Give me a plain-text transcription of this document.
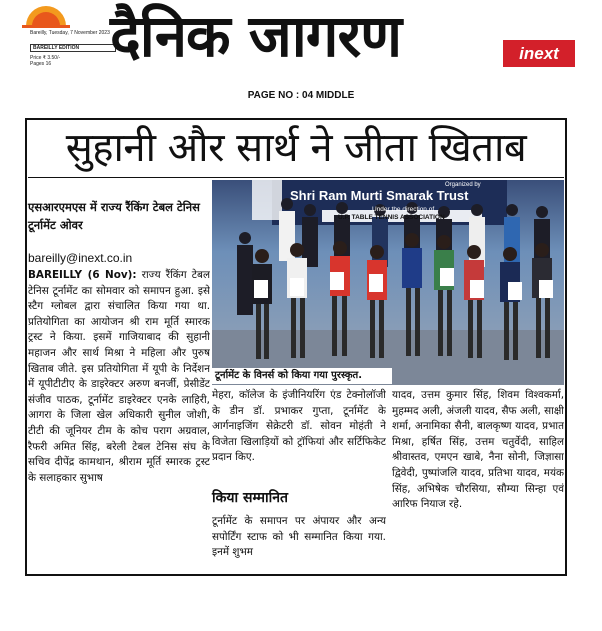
Bareilly, Tuesday, 7 November 2023
BAREILLY EDITION
Price ₹ 3.50/-
Pages 16	दैनिक जागरण	inext
PAGE NO : 04 MIDDLE
सुहानी और सार्थ ने जीता खिताब
एसआरएमएस में राज्य रैंकिंग टेबल टेनिस टूर्नामेंट ओवर
bareilly@inext.co.in
BAREILLY (6 Nov): राज्य रैंकिंग टेबल टेनिस टूर्नामेंट का सोमवार को समापन हुआ. इसे स्टैग ग्लोबल द्वारा संचालित किया गया था. प्रतियोगिता का आयोजन श्री राम मूर्ति स्मारक ट्रस्ट ने किया. इसमें गाजियाबाद की सुहानी महाजन और सार्थ मिश्रा ने महिला और पुरुष खिताब जीते. इस प्रतियोगिता में यूपी के निर्देशन में यूपीटीटीए के डाइरेक्टर अरुण बनर्जी, प्रेसीडेंट संजीव पाठक, टूर्नामेंट डाइरेक्टर एनके लाहिरी, आगरा के जिला खेल अधिकारी सुनील जोशी, टीटी की जूनियर टीम के कोच पराग अग्रवाल, रैफरी अमित सिंह, बरेली टेबल टेनिस संघ के सचिव दीपेंद्र कामथान, श्रीराम मूर्ति स्मारक ट्रस्ट के सलाहकार सुभाष
Organized by
Shri Ram Murti Smarak Trust
Under the direction of
U.P. TABLE TENNIS ASSOCIATION
टूर्नामेंट के विनर्स को किया गया पुरस्कृत.
मेहरा, कॉलेज के इंजीनियरिंग एंड टेक्नोलॉजी के डीन डॉ. प्रभाकर गुप्ता, टूर्नामेंट के आर्गनाइजिंग सेक्रेटरी डॉ. सोवन मोहंती ने विजेता खिलाड़ियों को ट्रॉफियां और सर्टिफिकेट प्रदान किए.
किया सम्मानित
टूर्नामेंट के समापन पर अंपायर और अन्य सपोर्टिंग स्टाफ को भी सम्मानित किया गया. इनमें शुभम
यादव, उत्तम कुमार सिंह, शिवम विश्वकर्मा, मुहम्मद अली, अंजली यादव, सैफ अली, साक्षी शर्मा, अनामिका सैनी, बालकृष्ण यादव, प्रभात मिश्रा, हर्षित सिंह, उत्तम चतुर्वेदी, साहिल श्रीवास्तव, एमएन खाबे, नैना सोनी, जिज्ञासा द्विवेदी, पुष्पांजलि यादव, प्रतिभा यादव, मयंक सिंह, अभिषेक चौरसिया, सौम्या सिन्हा एवं आरिफ नियाज रहे.
